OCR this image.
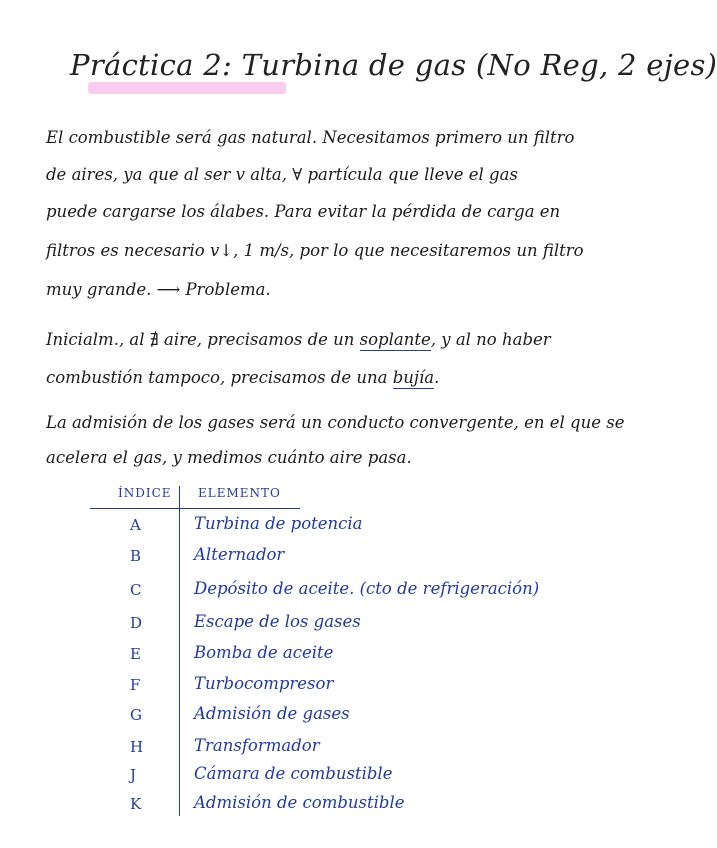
Práctica 2: Turbina de gas (No Reg, 2 ejes)
El combustible será gas natural. Necesitamos primero un filtro
de aires, ya que al ser v alta, ∀ partícula que lleve el gas
puede cargarse los álabes. Para evitar la pérdida de carga en
filtros es necesario v↓, 1 m/s, por lo que necesitaremos un filtro
muy grande. ⟶ Problema.
Inicialm., al ∄ aire, precisamos de un soplante, y al no haber
combustión tampoco, precisamos de una bujía.
La admisión de los gases será un conducto convergente, en el que se
acelera el gas, y medimos cuánto aire pasa.
ÍNDICE ELEMENTO
A	Turbina de potencia
B	Alternador
C	Depósito de aceite. (cto de refrigeración)
D	Escape de los gases
E	Bomba de aceite
F	Turbocompresor
G	Admisión de gases
H	Transformador
J	Cámara de combustible
K	Admisión de combustible
